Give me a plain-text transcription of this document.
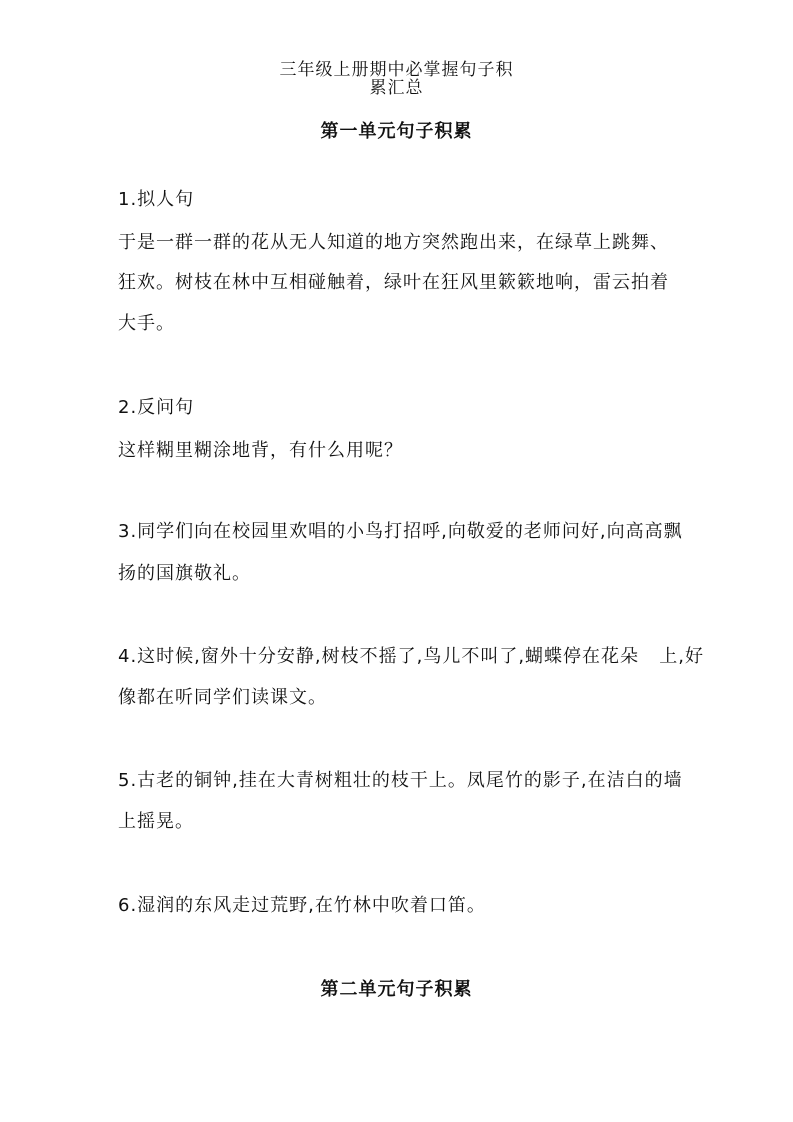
三年级上册期中必掌握句子积
累汇总
第一单元句子积累
1.拟人句
于是一群一群的花从无人知道的地方突然跑出来，在绿草上跳舞、
狂欢。树枝在林中互相碰触着，绿叶在狂风里簌簌地响，雷云拍着
大手。
2.反问句
这样糊里糊涂地背，有什么用呢？
3.同学们向在校园里欢唱的小鸟打招呼,向敬爱的老师问好,向高高飘
扬的国旗敬礼。
4.这时候,窗外十分安静,树枝不摇了,鸟儿不叫了,蝴蝶停在花朵   上,好
像都在听同学们读课文。
5.古老的铜钟,挂在大青树粗壮的枝干上。凤尾竹的影子,在洁白的墙
上摇晃。
6.湿润的东风走过荒野,在竹林中吹着口笛。
第二单元句子积累
